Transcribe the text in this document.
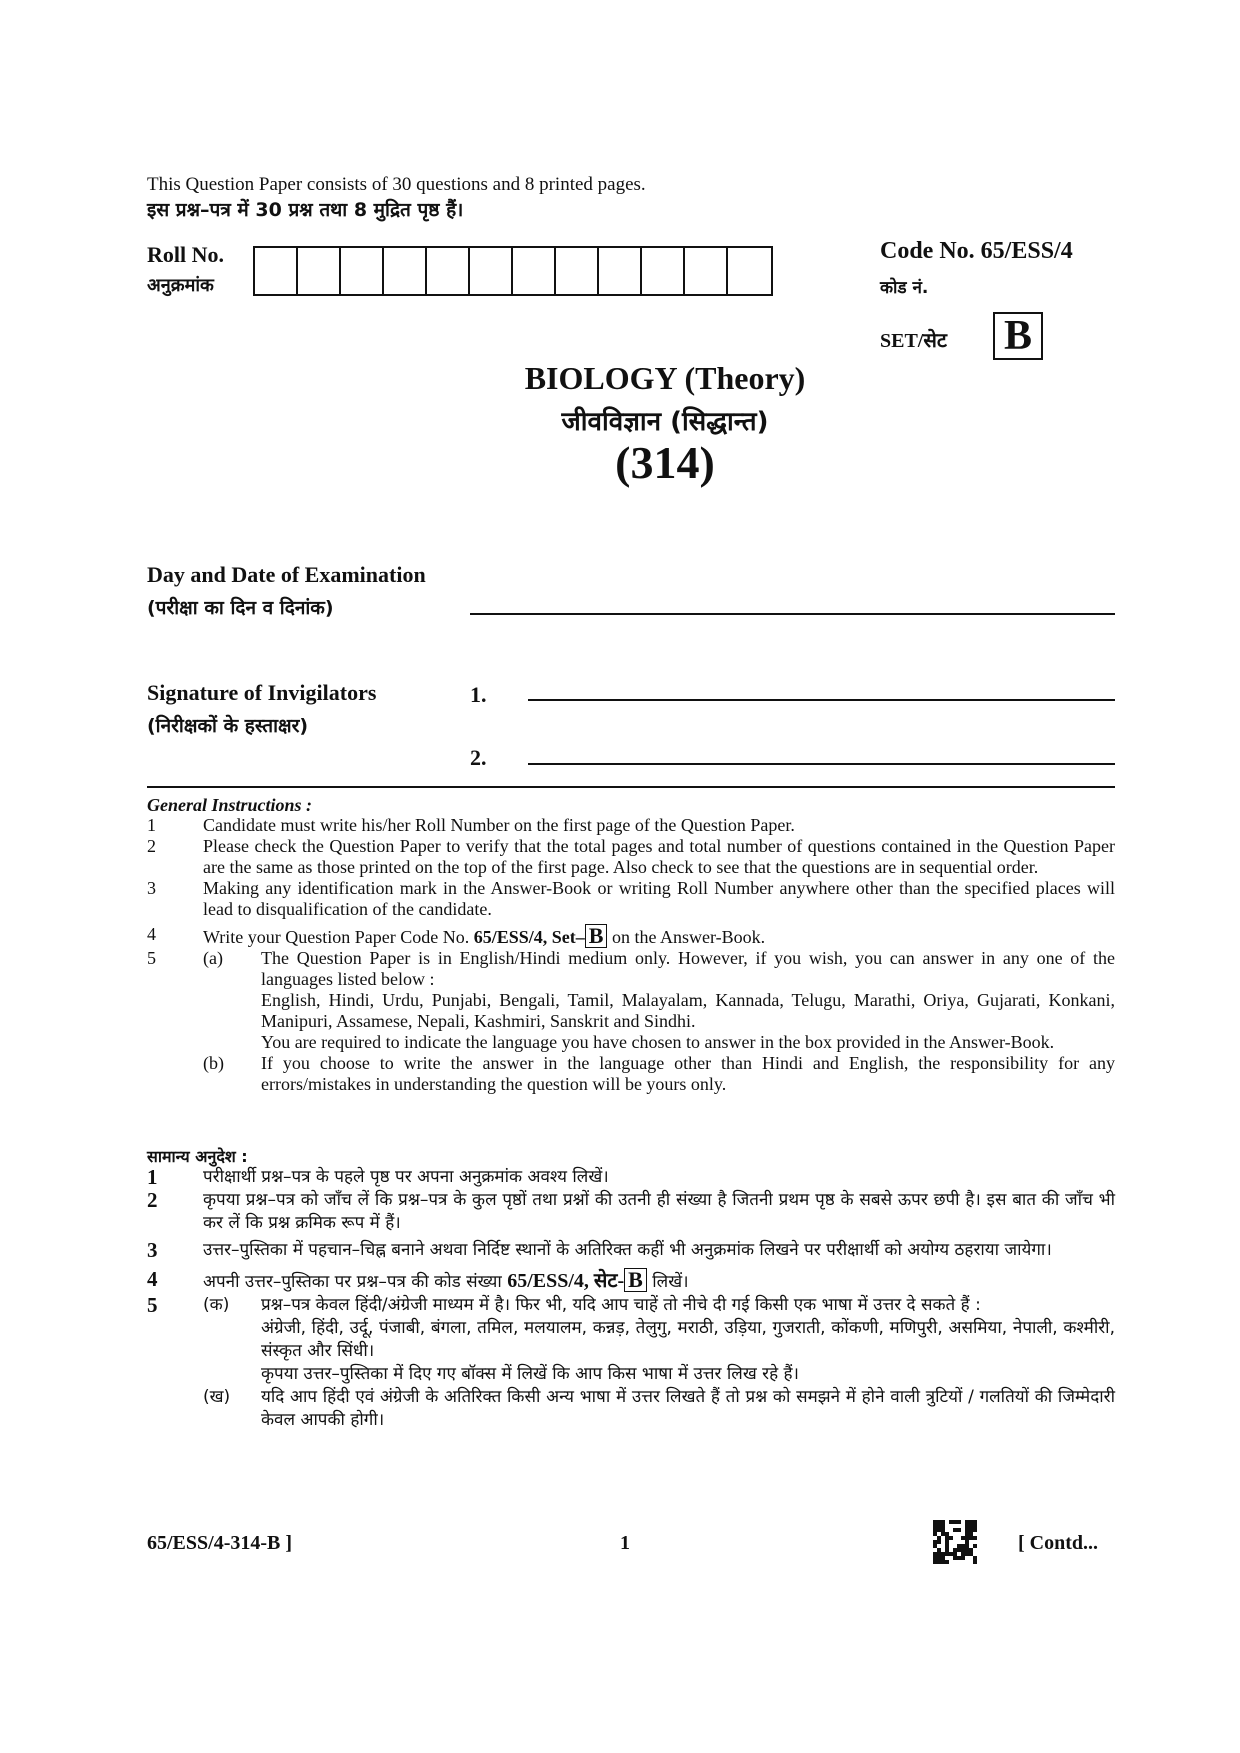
This Question Paper consists of 30 questions and 8 printed pages.
इस प्रश्न–पत्र में 30 प्रश्न तथा 8 मुद्रित पृष्ठ हैं।
Roll No.
अनुक्रमांक
Code No. 65/ESS/4
कोड नं.
SET/सेट B
BIOLOGY (Theory)
जीवविज्ञान (सिद्धान्त)
(314)
Day and Date of Examination
(परीक्षा का दिन व दिनांक)
Signature of Invigilators
(निरीक्षकों के हस्ताक्षर)
1.
2.
General Instructions :
1	Candidate must write his/her Roll Number on the first page of the Question Paper.
2	Please check the Question Paper to verify that the total pages and total number of questions contained in the Question Paper are the same as those printed on the top of the first page. Also check to see that the questions are in sequential order.
3	Making any identification mark in the Answer-Book or writing Roll Number anywhere other than the specified places will lead to disqualification of the candidate.
4	Write your Question Paper Code No. 65/ESS/4, Set– B on the Answer-Book.
5	(a)	The Question Paper is in English/Hindi medium only. However, if you wish, you can answer in any one of the languages listed below :
English, Hindi, Urdu, Punjabi, Bengali, Tamil, Malayalam, Kannada, Telugu, Marathi, Oriya, Gujarati, Konkani, Manipuri, Assamese, Nepali, Kashmiri, Sanskrit and Sindhi.
You are required to indicate the language you have chosen to answer in the box provided in the Answer-Book.
(b)	If you choose to write the answer in the language other than Hindi and English, the responsibility for any errors/mistakes in understanding the question will be yours only.
सामान्य अनुदेश :
1	परीक्षार्थी प्रश्न–पत्र के पहले पृष्ठ पर अपना अनुक्रमांक अवश्य लिखें।
2	कृपया प्रश्न–पत्र को जाँच लें कि प्रश्न–पत्र के कुल पृष्ठों तथा प्रश्नों की उतनी ही संख्या है जितनी प्रथम पृष्ठ के सबसे ऊपर छपी है। इस बात की जाँच भी कर लें कि प्रश्न क्रमिक रूप में हैं।
3	उत्तर–पुस्तिका में पहचान–चिह्न बनाने अथवा निर्दिष्ट स्थानों के अतिरिक्त कहीं भी अनुक्रमांक लिखने पर परीक्षार्थी को अयोग्य ठहराया जायेगा।
4	अपनी उत्तर–पुस्तिका पर प्रश्न–पत्र की कोड संख्या 65/ESS/4, सेट- B लिखें।
5	(क)	प्रश्न–पत्र केवल हिंदी/अंग्रेजी माध्यम में है। फिर भी, यदि आप चाहें तो नीचे दी गई किसी एक भाषा में उत्तर दे सकते हैं :
अंग्रेजी, हिंदी, उर्दू, पंजाबी, बंगला, तमिल, मलयालम, कन्नड़, तेलुगु, मराठी, उड़िया, गुजराती, कोंकणी, मणिपुरी, असमिया, नेपाली, कश्मीरी, संस्कृत और सिंधी।
कृपया उत्तर–पुस्तिका में दिए गए बॉक्स में लिखें कि आप किस भाषा में उत्तर लिख रहे हैं।
(ख)	यदि आप हिंदी एवं अंग्रेजी के अतिरिक्त किसी अन्य भाषा में उत्तर लिखते हैं तो प्रश्न को समझने में होने वाली त्रुटियों / गलतियों की जिम्मेदारी केवल आपकी होगी।
65/ESS/4-314-B ]	1	[ Contd...
